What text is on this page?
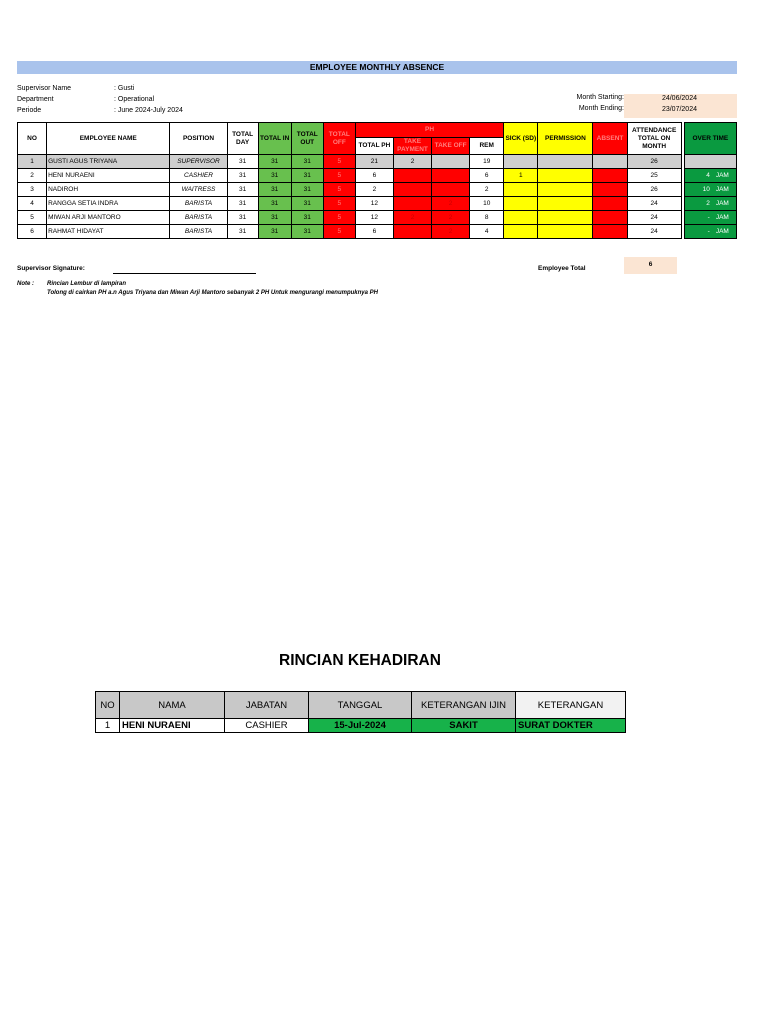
EMPLOYEE MONTHLY ABSENCE
Supervisor Name	: Gusti
Department	: Operational
Periode	: June 2024-July 2024
Month Starting:
Month Ending:
24/06/2024
23/07/2024
NO	EMPLOYEE NAME	POSITION	TOTAL DAY	TOTAL IN	TOTAL OUT	TOTAL OFF	PH				SICK (SD)	PERMISSION	ABSENT	ATTENDANCE TOTAL ON MONTH		OVER TIME
							TOTAL PH	TAKE PAYMENT	TAKE OFF	REM						
1	GUSTI AGUS TRIYANA	SUPERVISOR	31	31	31	5	21	2		19				26		
2	HENI NURAENI	CASHIER	31	31	31	5	6			6	1			25		4 JAM
3	NADIROH	WAITRESS	31	31	31	5	2			2				26		10 JAM
4	RANGGA SETIA INDRA	BARISTA	31	31	31	5	12		2	10				24		2 JAM
5	MIWAN ARJI MANTORO	BARISTA	31	31	31	5	12	2	2	8				24		- JAM
6	RAHMAT HIDAYAT	BARISTA	31	31	31	5	6		2	4				24		- JAM
Supervisor Signature:	Employee Total
6
Note : Rincian Lembur di lampiran
Tolong di cairkan PH a.n Agus Triyana dan Miwan Arji Mantoro sebanyak 2 PH Untuk mengurangi menumpuknya PH
RINCIAN KEHADIRAN
NO	NAMA	JABATAN	TANGGAL	KETERANGAN IJIN	KETERANGAN
1	HENI NURAENI	CASHIER	15-Jul-2024	SAKIT	SURAT DOKTER
